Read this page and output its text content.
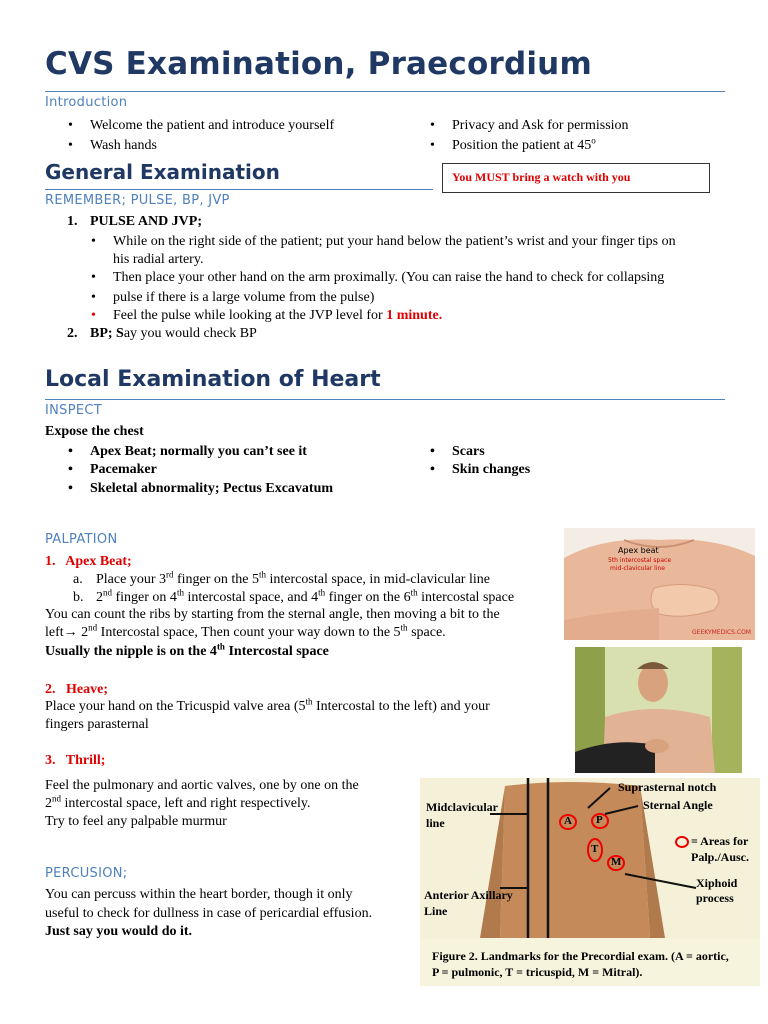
CVS Examination, Praecordium
Introduction
• Welcome the patient and introduce yourself
• Wash hands
• Privacy and Ask for permission
• Position the patient at 45$^o$
General Examination	You MUST bring a watch with you
REMEMBER; PULSE, BP, JVP
1. PULSE AND JVP;
• While on the right side of the patient; put your hand below the patient’s wrist and your finger tips on
his radial artery.
• Then place your other hand on the arm proximally. (You can raise the hand to check for collapsing
• pulse if there is a large volume from the pulse)
• Feel the pulse while looking at the JVP level for 1 minute.
2. BP; Say you would check BP
Local Examination of Heart
INSPECT
Expose the chest
• Apex Beat; normally you can’t see it
• Pacemaker
• Skeletal abnormality; Pectus Excavatum
• Scars
• Skin changes
PALPATION
1.   Apex Beat;
a. Place your 3rd finger on the 5th intercostal space, in mid-clavicular line
b. 2nd finger on 4th intercostal space, and 4th finger on the 6th intercostal space
You can count the ribs by starting from the sternal angle, then moving a bit to the
left→ 2nd Intercostal space, Then count your way down to the 5th space.
Usually the nipple is on the 4th Intercostal space
2.   Heave;
Place your hand on the Tricuspid valve area (5th Intercostal to the left) and your
fingers parasternal
3.   Thrill;
Feel the pulmonary and aortic valves, one by one on the
2nd intercostal space, left and right respectively.
Try to feel any palpable murmur
PERCUSION;
You can percuss within the heart border, though it only
useful to check for dullness in case of pericardial effusion.
Just say you would do it.
Apex beat
5th intercostal space
mid-clavicular line
GEEKYMEDICS.COM
Suprasternal notch
Sternal Angle
Midclavicular
line
= Areas for
Palp./Ausc.
Xiphoid
process
Anterior Axillary
Line
A P
T
M
Figure 2. Landmarks for the Precordial exam. (A = aortic,
P = pulmonic, T = tricuspid, M = Mitral).
